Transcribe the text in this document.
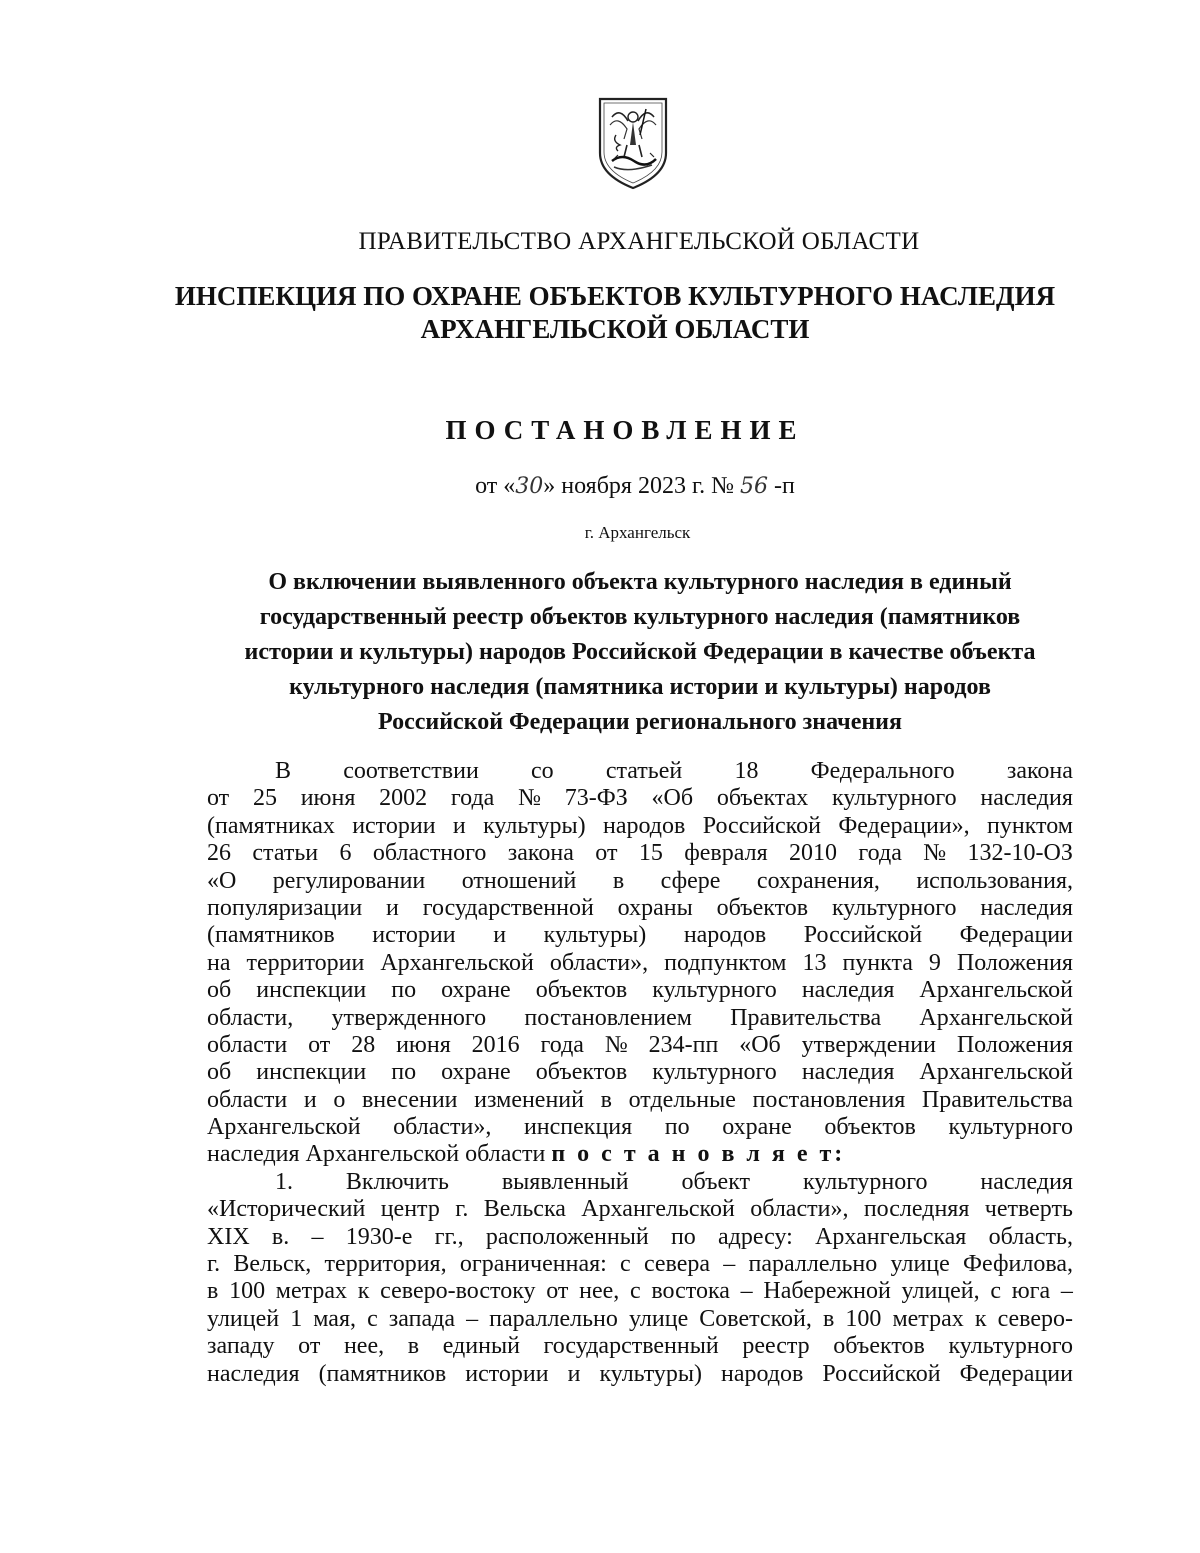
ПРАВИТЕЛЬСТВО АРХАНГЕЛЬСКОЙ ОБЛАСТИ
ИНСПЕКЦИЯ ПО ОХРАНЕ ОБЪЕКТОВ КУЛЬТУРНОГО НАСЛЕДИЯ
АРХАНГЕЛЬСКОЙ ОБЛАСТИ
ПОСТАНОВЛЕНИЕ
от «30» ноября 2023 г. № 56 -п
г. Архангельск
О включении выявленного объекта культурного наследия в единый
государственный реестр объектов культурного наследия (памятников
истории и культуры) народов Российской Федерации в качестве объекта
культурного наследия (памятника истории и культуры) народов
Российской Федерации регионального значения
В соответствии со статьей 18 Федерального закона
от 25 июня 2002 года № 73-ФЗ «Об объектах культурного наследия
(памятниках истории и культуры) народов Российской Федерации», пунктом
26 статьи 6 областного закона от 15 февраля 2010 года № 132-10-ОЗ
«О регулировании отношений в сфере сохранения, использования,
популяризации и государственной охраны объектов культурного наследия
(памятников истории и культуры) народов Российской Федерации
на территории Архангельской области», подпунктом 13 пункта 9 Положения
об инспекции по охране объектов культурного наследия Архангельской
области, утвержденного постановлением Правительства Архангельской
области от 28 июня 2016 года № 234-пп «Об утверждении Положения
об инспекции по охране объектов культурного наследия Архангельской
области и о внесении изменений в отдельные постановления Правительства
Архангельской области», инспекция по охране объектов культурного
наследия Архангельской области п о с т а н о в л я е т:
1. Включить выявленный объект культурного наследия
«Исторический центр г. Вельска Архангельской области», последняя четверть
XIX в. – 1930-е гг., расположенный по адресу: Архангельская область,
г. Вельск, территория, ограниченная: с севера – параллельно улице Фефилова,
в 100 метрах к северо-востоку от нее, с востока – Набережной улицей, с юга –
улицей 1 мая, с запада – параллельно улице Советской, в 100 метрах к северо-
западу от нее, в единый государственный реестр объектов культурного
наследия (памятников истории и культуры) народов Российской Федерации
